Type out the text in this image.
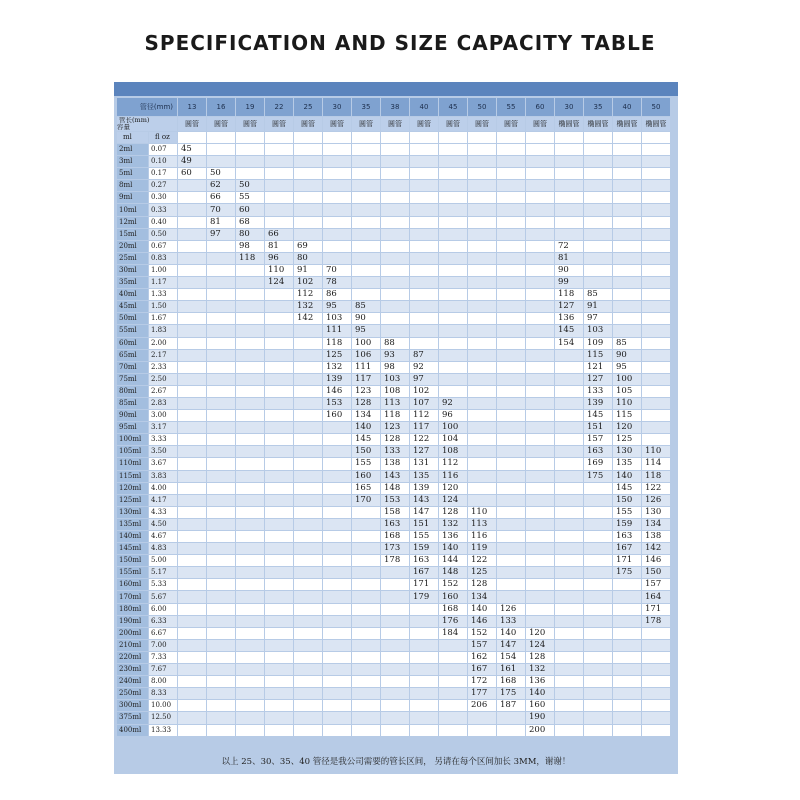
SPECIFICATION AND SIZE CAPACITY TABLE
管径(mm)		13	16	19	22	25	30	35	38	40	45	50	55	60	30	35	40	50
管长(mm)
容量		圆管	圆管	圆管	圆管	圆管	圆管	圆管	圆管	圆管	圆管	圆管	圆管	圆管	椭圆管	椭圆管	椭圆管	椭圆管
ml	fl oz																	
2ml	0.07	45																
3ml	0.10	49																
5ml	0.17	60	50															
8ml	0.27		62	50														
9ml	0.30		66	55														
10ml	0.33		70	60														
12ml	0.40		81	68														
15ml	0.50		97	80	66													
20ml	0.67			98	81	69									72			
25ml	0.83			118	96	80									81			
30ml	1.00				110	91	70								90			
35ml	1.17				124	102	78								99			
40ml	1.33					112	86								118	85		
45ml	1.50					132	95	85							127	91		
50ml	1.67					142	103	90							136	97		
55ml	1.83						111	95							145	103		
60ml	2.00						118	100	88						154	109	85	
65ml	2.17						125	106	93	87						115	90	
70ml	2.33						132	111	98	92						121	95	
75ml	2.50						139	117	103	97						127	100	
80ml	2.67						146	123	108	102						133	105	
85ml	2.83						153	128	113	107	92					139	110	
90ml	3.00						160	134	118	112	96					145	115	
95ml	3.17							140	123	117	100					151	120	
100ml	3.33							145	128	122	104					157	125	
105ml	3.50							150	133	127	108					163	130	110
110ml	3.67							155	138	131	112					169	135	114
115ml	3.83							160	143	135	116					175	140	118
120ml	4.00							165	148	139	120						145	122
125ml	4.17							170	153	143	124						150	126
130ml	4.33								158	147	128	110					155	130
135ml	4.50								163	151	132	113					159	134
140ml	4.67								168	155	136	116					163	138
145ml	4.83								173	159	140	119					167	142
150ml	5.00								178	163	144	122					171	146
155ml	5.17									167	148	125					175	150
160ml	5.33									171	152	128						157
170ml	5.67									179	160	134						164
180ml	6.00										168	140	126					171
190ml	6.33										176	146	133					178
200ml	6.67										184	152	140	120				
210ml	7.00											157	147	124				
220ml	7.33											162	154	128				
230ml	7.67											167	161	132				
240ml	8.00											172	168	136				
250ml	8.33											177	175	140				
300ml	10.00											206	187	160				
375ml	12.50													190				
400ml	13.33													200				
以上 25、30、35、40 管径是我公司需要的管长区间， 另请在每个区间加长 3MM，谢谢！
